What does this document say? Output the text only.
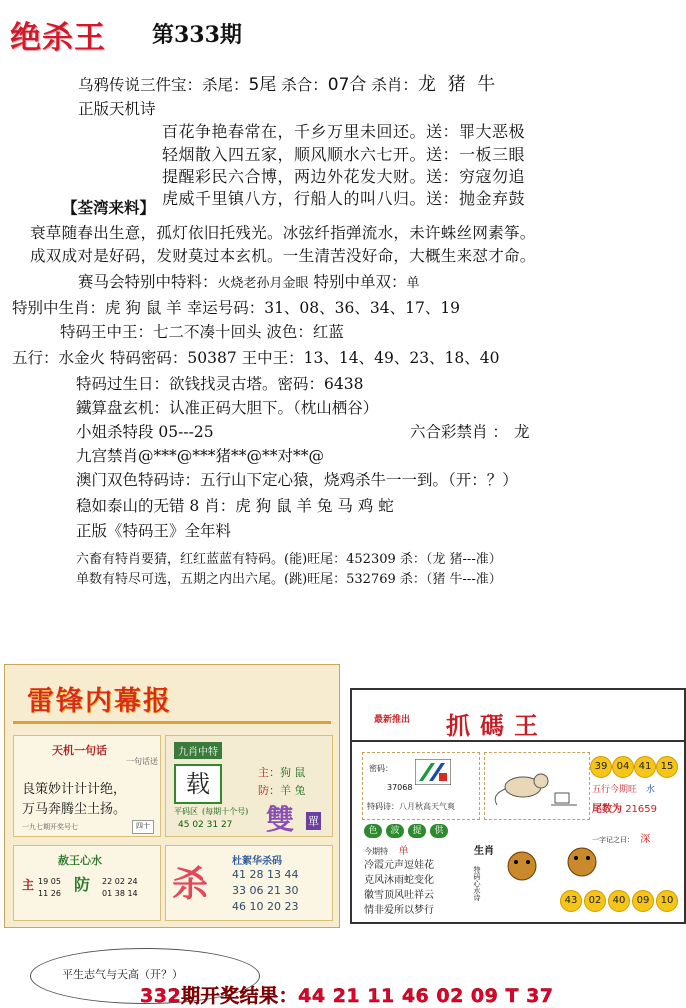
绝杀王 第333期
乌鸦传说三件宝：杀尾：5尾 杀合：07合 杀肖：龙 猪 牛
正版天机诗
百花争艳春常在，千乡万里未回还。送：罪大恶极
轻烟散入四五家，顺风顺水六七开。送：一板三眼
提醒彩民六合博，两边外花发大财。送：穷寇勿追
虎威千里镇八方，行船人的叫八归。送：抛金弃鼓
【荃湾来料】
衰草随春出生意，孤灯依旧托残光。冰弦纤指弹流水，未许蛛丝网素筝。
成双成对是好码，发财莫过本玄机。一生清苦没好命，大概生来怼才命。
赛马会特别中特料：火烧老孙月金眼 特别中单双：单
特别中生肖：虎 狗 鼠 羊 幸运号码：31、08、36、34、17、19
特码王中王：七二不凑十回头 波色：红蓝
五行：水金火 特码密码：50387 王中王：13、14、49、23、18、40
特码过生日：欲钱找灵古塔。密码：6438
鐵算盘玄机：认准正码大胆下。（枕山栖谷）
小姐杀特段 05---25	六合彩禁肖 ： 龙
九宫禁肖@***@***猪**@**对**@
澳门双色特码诗：五行山下定心猿，烧鸡杀牛一一到。（开：？）
稳如泰山的无错 8 肖：虎 狗 鼠 羊 兔 马 鸡 蛇
正版《特码王》全年料
六畜有特肖要猜，红红蓝蓝有特码。(能)旺尾：452309 杀：（龙 猪---准）
单数有特尽可选，五期之内出六尾。(跳)旺尾：532769 杀：（猪 牛---准）
雷锋内幕报
天机一句话
一句话送
良策妙计计计绝，
万马奔腾尘土扬。
一九七期开奖号七	四十
九肖中特
载	主：狗 鼠
防：羊 兔
平码区 (每期十个号)
45 02 31 27 雙 單
赦王心水
主 防
19 05
11 26
22 02 24
01 38 14 杀
杜絮华杀码
41 28 13 44
33 06 21 30
46 10 20 23
最新推出 抓碼王
密码：
37068
特码诗：八月秋高天气爽
39 04 41 15
五行今期旺 水
尾数为 21659
色	波	提	供
一字记之曰： 深
今期特 单
冷霞元声逗娃花
克风沐雨蛇变化
徽雪顶风吐祥云
情非爱所以梦行
生肖
特码心水诗	43	02	40	09	10
平生志气与天高（开？）
332期开奖结果：44 21 11 46 02 09 T 37
